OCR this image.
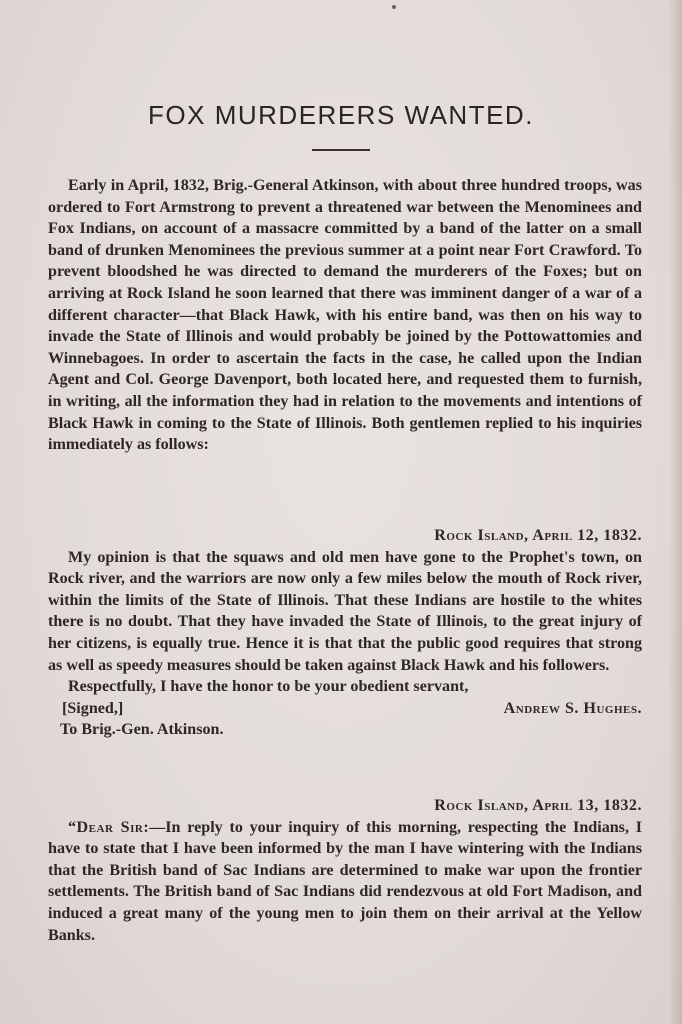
FOX MURDERERS WANTED.

Early in April, 1832, Brig.-General Atkinson, with about three hundred troops, was ordered to Fort Armstrong to prevent a threatened war between the Menominees and Fox Indians, on account of a massacre committed by a band of the latter on a small band of drunken Menominees the previous summer at a point near Fort Crawford. To prevent bloodshed he was directed to demand the murderers of the Foxes; but on arriving at Rock Island he soon learned that there was imminent danger of a war of a different character—that Black Hawk, with his entire band, was then on his way to invade the State of Illinois and would probably be joined by the Pottowattomies and Winnebagoes. In order to ascertain the facts in the case, he called upon the Indian Agent and Col. George Davenport, both located here, and requested them to furnish, in writing, all the information they had in relation to the movements and intentions of Black Hawk in coming to the State of Illinois. Both gentlemen replied to his inquiries immediately as follows:

Rock Island, April 12, 1832.

My opinion is that the squaws and old men have gone to the Prophet's town, on Rock river, and the warriors are now only a few miles below the mouth of Rock river, within the limits of the State of Illinois. That these Indians are hostile to the whites there is no doubt. That they have invaded the State of Illinois, to the great injury of her citizens, is equally true. Hence it is that that the public good requires that strong as well as speedy measures should be taken against Black Hawk and his followers.

Respectfully, I have the honor to be your obedient servant,

[Signed,]	Andrew S. Hughes.

To Brig.-Gen. Atkinson.

Rock Island, April 13, 1832.

“Dear Sir:—In reply to your inquiry of this morning, respecting the Indians, I have to state that I have been informed by the man I have wintering with the Indians that the British band of Sac Indians are determined to make war upon the frontier settlements. The British band of Sac Indians did rendezvous at old Fort Madison, and induced a great many of the young men to join them on their arrival at the Yellow Banks.
